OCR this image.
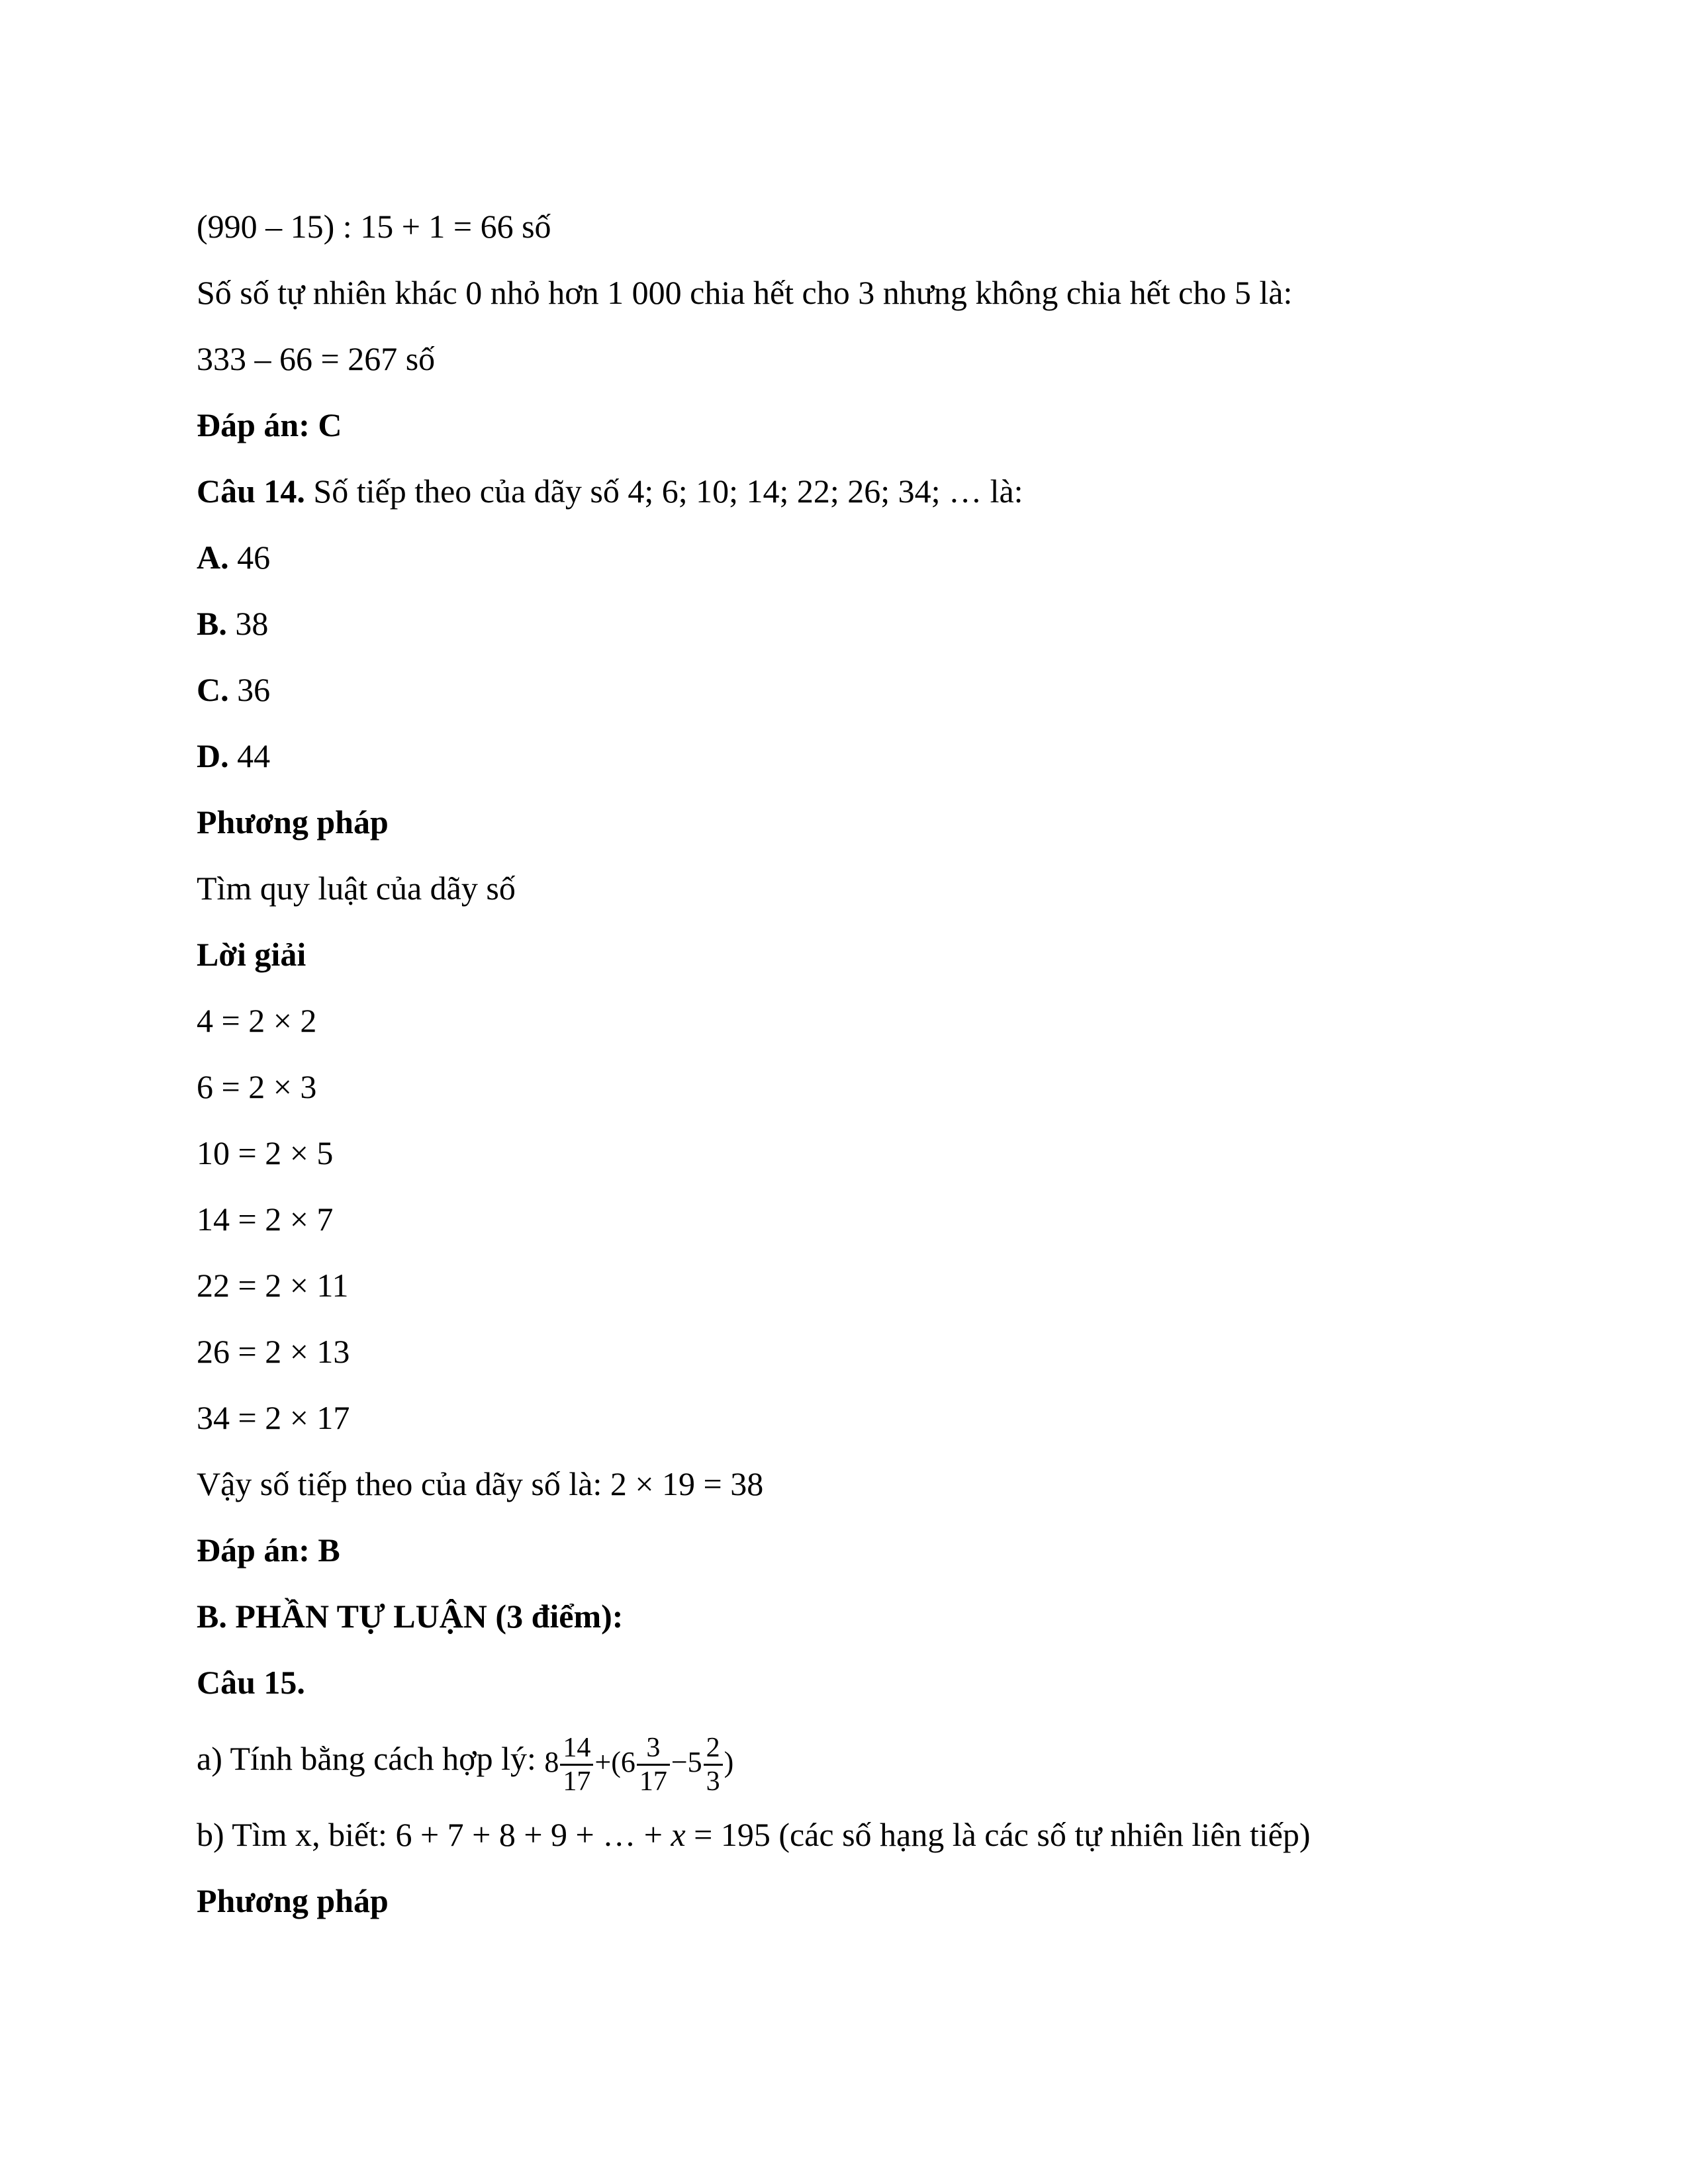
(990 – 15) : 15 + 1 = 66 số
Số số tự nhiên khác 0 nhỏ hơn 1 000 chia hết cho 3 nhưng không chia hết cho 5 là:
333 – 66 = 267 số
Đáp án: C
Câu 14. Số tiếp theo của dãy số 4; 6; 10; 14; 22; 26; 34; … là:
A. 46
B. 38
C. 36
D. 44
Phương pháp
Tìm quy luật của dãy số
Lời giải
4 = 2 × 2
6 = 2 × 3
10 = 2 × 5
14 = 2 × 7
22 = 2 × 11
26 = 2 × 13
34 = 2 × 17
Vậy số tiếp theo của dãy số là: 2 × 19 = 38
Đáp án: B
B. PHẦN TỰ LUẬN (3 điểm):
Câu 15.
a) Tính bằng cách hợp lý: $8 \frac{14}{17} +(6 \frac{3}{17} -5 \frac{2}{3}$ )
b) Tìm x, biết: 6 + 7 + 8 + 9 + … + x = 195 (các số hạng là các số tự nhiên liên tiếp)
Phương pháp
